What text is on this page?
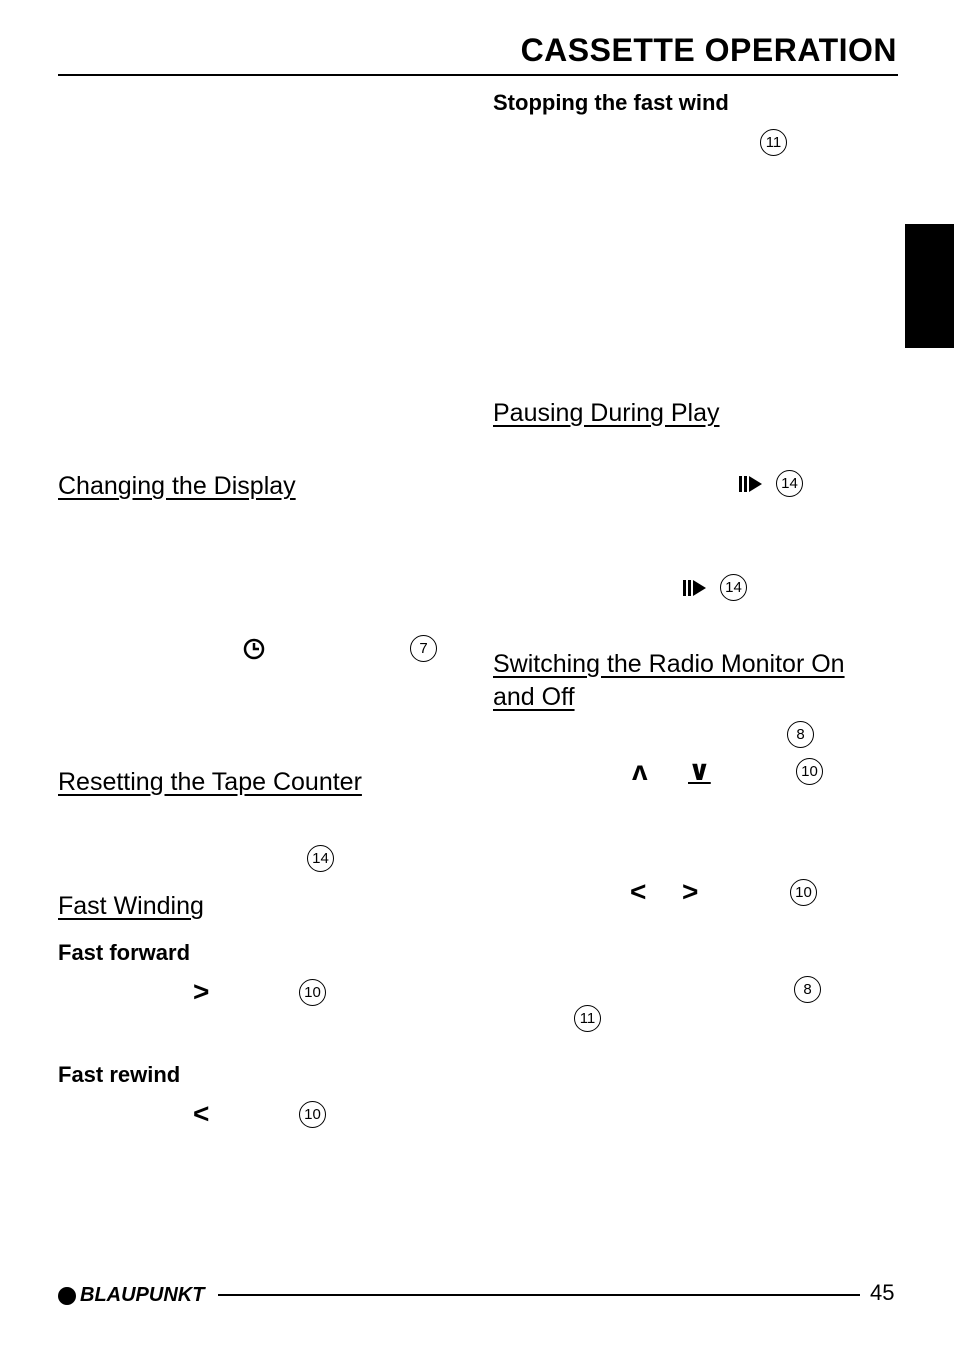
CASSETTE OPERATION
Stopping the fast wind
11
Pausing During Play
14
14
Switching the Radio Monitor On and Off
8
ʌ ∨	10
< >	10
8
11
Changing the Display
7
Resetting the Tape Counter
14
Fast Winding
Fast forward
>	10
Fast rewind
<	10
BLAUPUNKT	45
